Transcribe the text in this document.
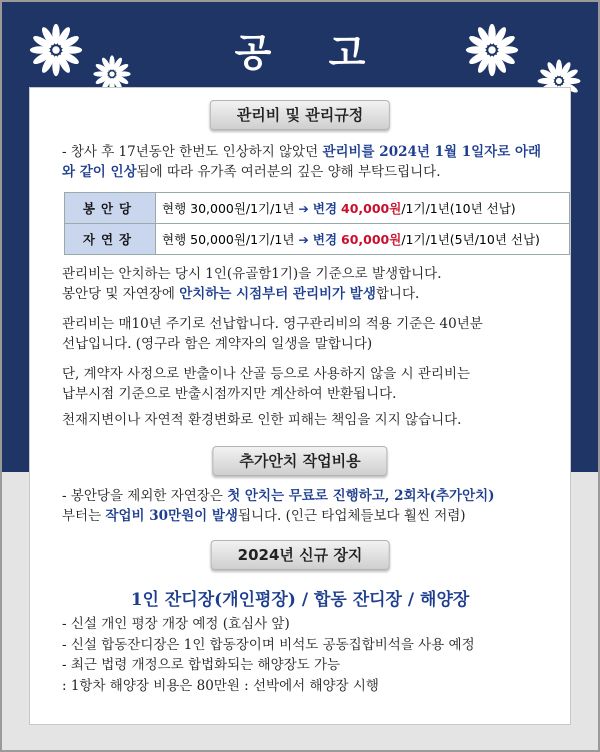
공 고
관리비 및 관리규정
- 창사 후 17년동안 한번도 인상하지 않았던 관리비를 2024년 1월 1일자로 아래와 같이 인상됨에 따라 유가족 여러분의 깊은 양해 부탁드립니다.
봉안당	현행 30,000원/1기/1년 ➔ 변경 40,000원/1기/1년(10년 선납)
자연장	현행 50,000원/1기/1년 ➔ 변경 60,000원/1기/1년(5년/10년 선납)
관리비는 안치하는 당시 1인(유골함1기)을 기준으로 발생합니다.
봉안당 및 자연장에 안치하는 시점부터 관리비가 발생합니다.
관리비는 매10년 주기로 선납합니다. 영구관리비의 적용 기준은 40년분
선납입니다. (영구라 함은 계약자의 일생을 말합니다)
단, 계약자 사정으로 반출이나 산골 등으로 사용하지 않을 시 관리비는
납부시점 기준으로 반출시점까지만 계산하여 반환됩니다.
천재지변이나 자연적 환경변화로 인한 피해는 책임을 지지 않습니다.
추가안치 작업비용
- 봉안당을 제외한 자연장은 첫 안치는 무료로 진행하고, 2회차(추가안치)
부터는 작업비 30만원이 발생됩니다. (인근 타업체들보다 훨씬 저렴)
2024년 신규 장지
1인 잔디장(개인평장) / 합동 잔디장 / 해양장
- 신설 개인 평장 개장 예정 (효심사 앞)
- 신설 합동잔디장은 1인 합동장이며 비석도 공동집합비석을 사용 예정
- 최근 법령 개정으로 합법화되는 해양장도 가능
: 1항차 해양장 비용은 80만원 : 선박에서 해양장 시행
